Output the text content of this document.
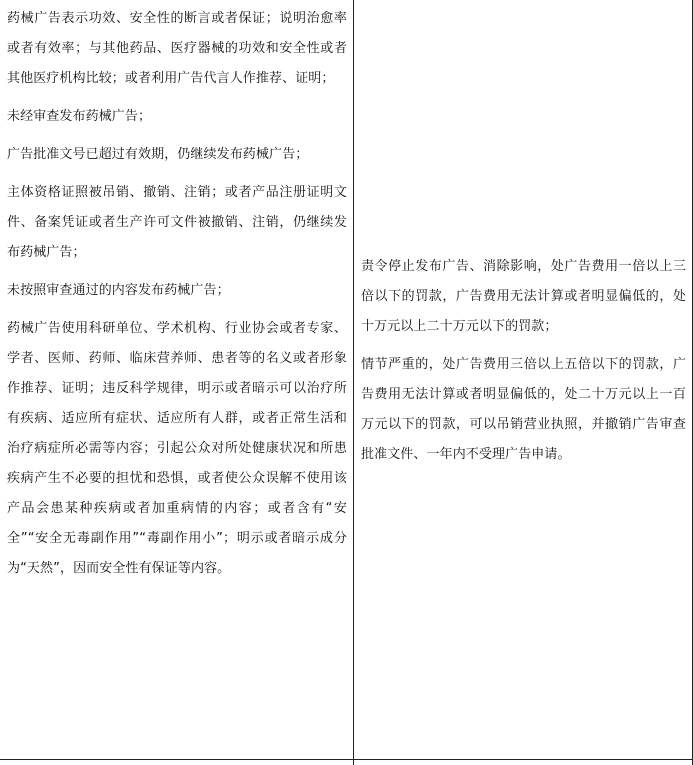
药械广告表示功效、安全性的断言或者保证；说明治愈率或者有效率；与其他药品、医疗器械的功效和安全性或者其他医疗机构比较；或者利用广告代言人作推荐、证明；

未经审查发布药械广告；

广告批准文号已超过有效期，仍继续发布药械广告；

主体资格证照被吊销、撤销、注销；或者产品注册证明文件、备案凭证或者生产许可文件被撤销、注销，仍继续发布药械广告；

未按照审查通过的内容发布药械广告；

药械广告使用科研单位、学术机构、行业协会或者专家、学者、医师、药师、临床营养师、患者等的名义或者形象作推荐、证明；违反科学规律，明示或者暗示可以治疗所有疾病、适应所有症状、适应所有人群，或者正常生活和治疗病症所必需等内容；引起公众对所处健康状况和所患疾病产生不必要的担忧和恐惧，或者使公众误解不使用该产品会患某种疾病或者加重病情的内容；或者含有“安全”“安全无毒副作用”“毒副作用小”；明示或者暗示成分为“天然”，因而安全性有保证等内容。

责令停止发布广告、消除影响，处广告费用一倍以上三倍以下的罚款，广告费用无法计算或者明显偏低的，处十万元以上二十万元以下的罚款；

情节严重的，处广告费用三倍以上五倍以下的罚款，广告费用无法计算或者明显偏低的，处二十万元以上一百万元以下的罚款，可以吊销营业执照，并撤销广告审查批准文件、一年内不受理广告申请。
